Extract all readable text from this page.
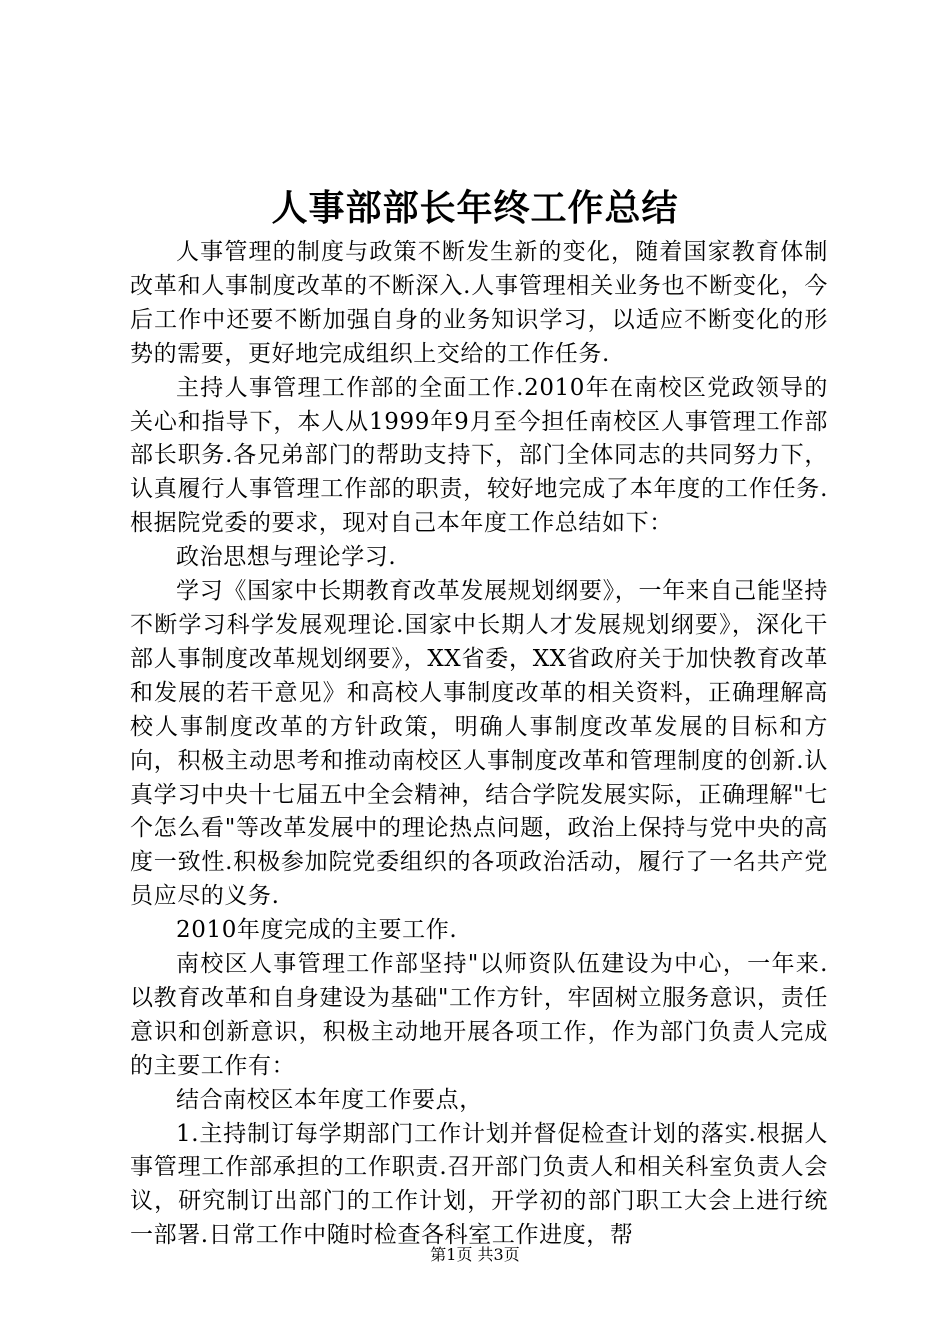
人事部部长年终工作总结

人事管理的制度与政策不断发生新的变化，随着国家教育体制改革和人事制度改革的不断深入.人事管理相关业务也不断变化，今后工作中还要不断加强自身的业务知识学习，以适应不断变化的形势的需要，更好地完成组织上交给的工作任务.

主持人事管理工作部的全面工作.2010年在南校区党政领导的关心和指导下，本人从1999年9月至今担任南校区人事管理工作部部长职务.各兄弟部门的帮助支持下，部门全体同志的共同努力下，认真履行人事管理工作部的职责，较好地完成了本年度的工作任务.根据院党委的要求，现对自己本年度工作总结如下：

政治思想与理论学习.

学习《国家中长期教育改革发展规划纲要》，一年来自己能坚持不断学习科学发展观理论.国家中长期人才发展规划纲要》，深化干部人事制度改革规划纲要》，XX省委，XX省政府关于加快教育改革和发展的若干意见》和高校人事制度改革的相关资料，正确理解高校人事制度改革的方针政策，明确人事制度改革发展的目标和方向，积极主动思考和推动南校区人事制度改革和管理制度的创新.认真学习中央十七届五中全会精神，结合学院发展实际，正确理解"七个怎么看"等改革发展中的理论热点问题，政治上保持与党中央的高度一致性.积极参加院党委组织的各项政治活动，履行了一名共产党员应尽的义务.

2010年度完成的主要工作.

南校区人事管理工作部坚持"以师资队伍建设为中心，一年来.以教育改革和自身建设为基础"工作方针，牢固树立服务意识，责任意识和创新意识，积极主动地开展各项工作，作为部门负责人完成的主要工作有：

结合南校区本年度工作要点，

1.主持制订每学期部门工作计划并督促检查计划的落实.根据人事管理工作部承担的工作职责.召开部门负责人和相关科室负责人会议，研究制订出部门的工作计划，开学初的部门职工大会上进行统一部署.日常工作中随时检查各科室工作进度，帮

第1页 共3页
